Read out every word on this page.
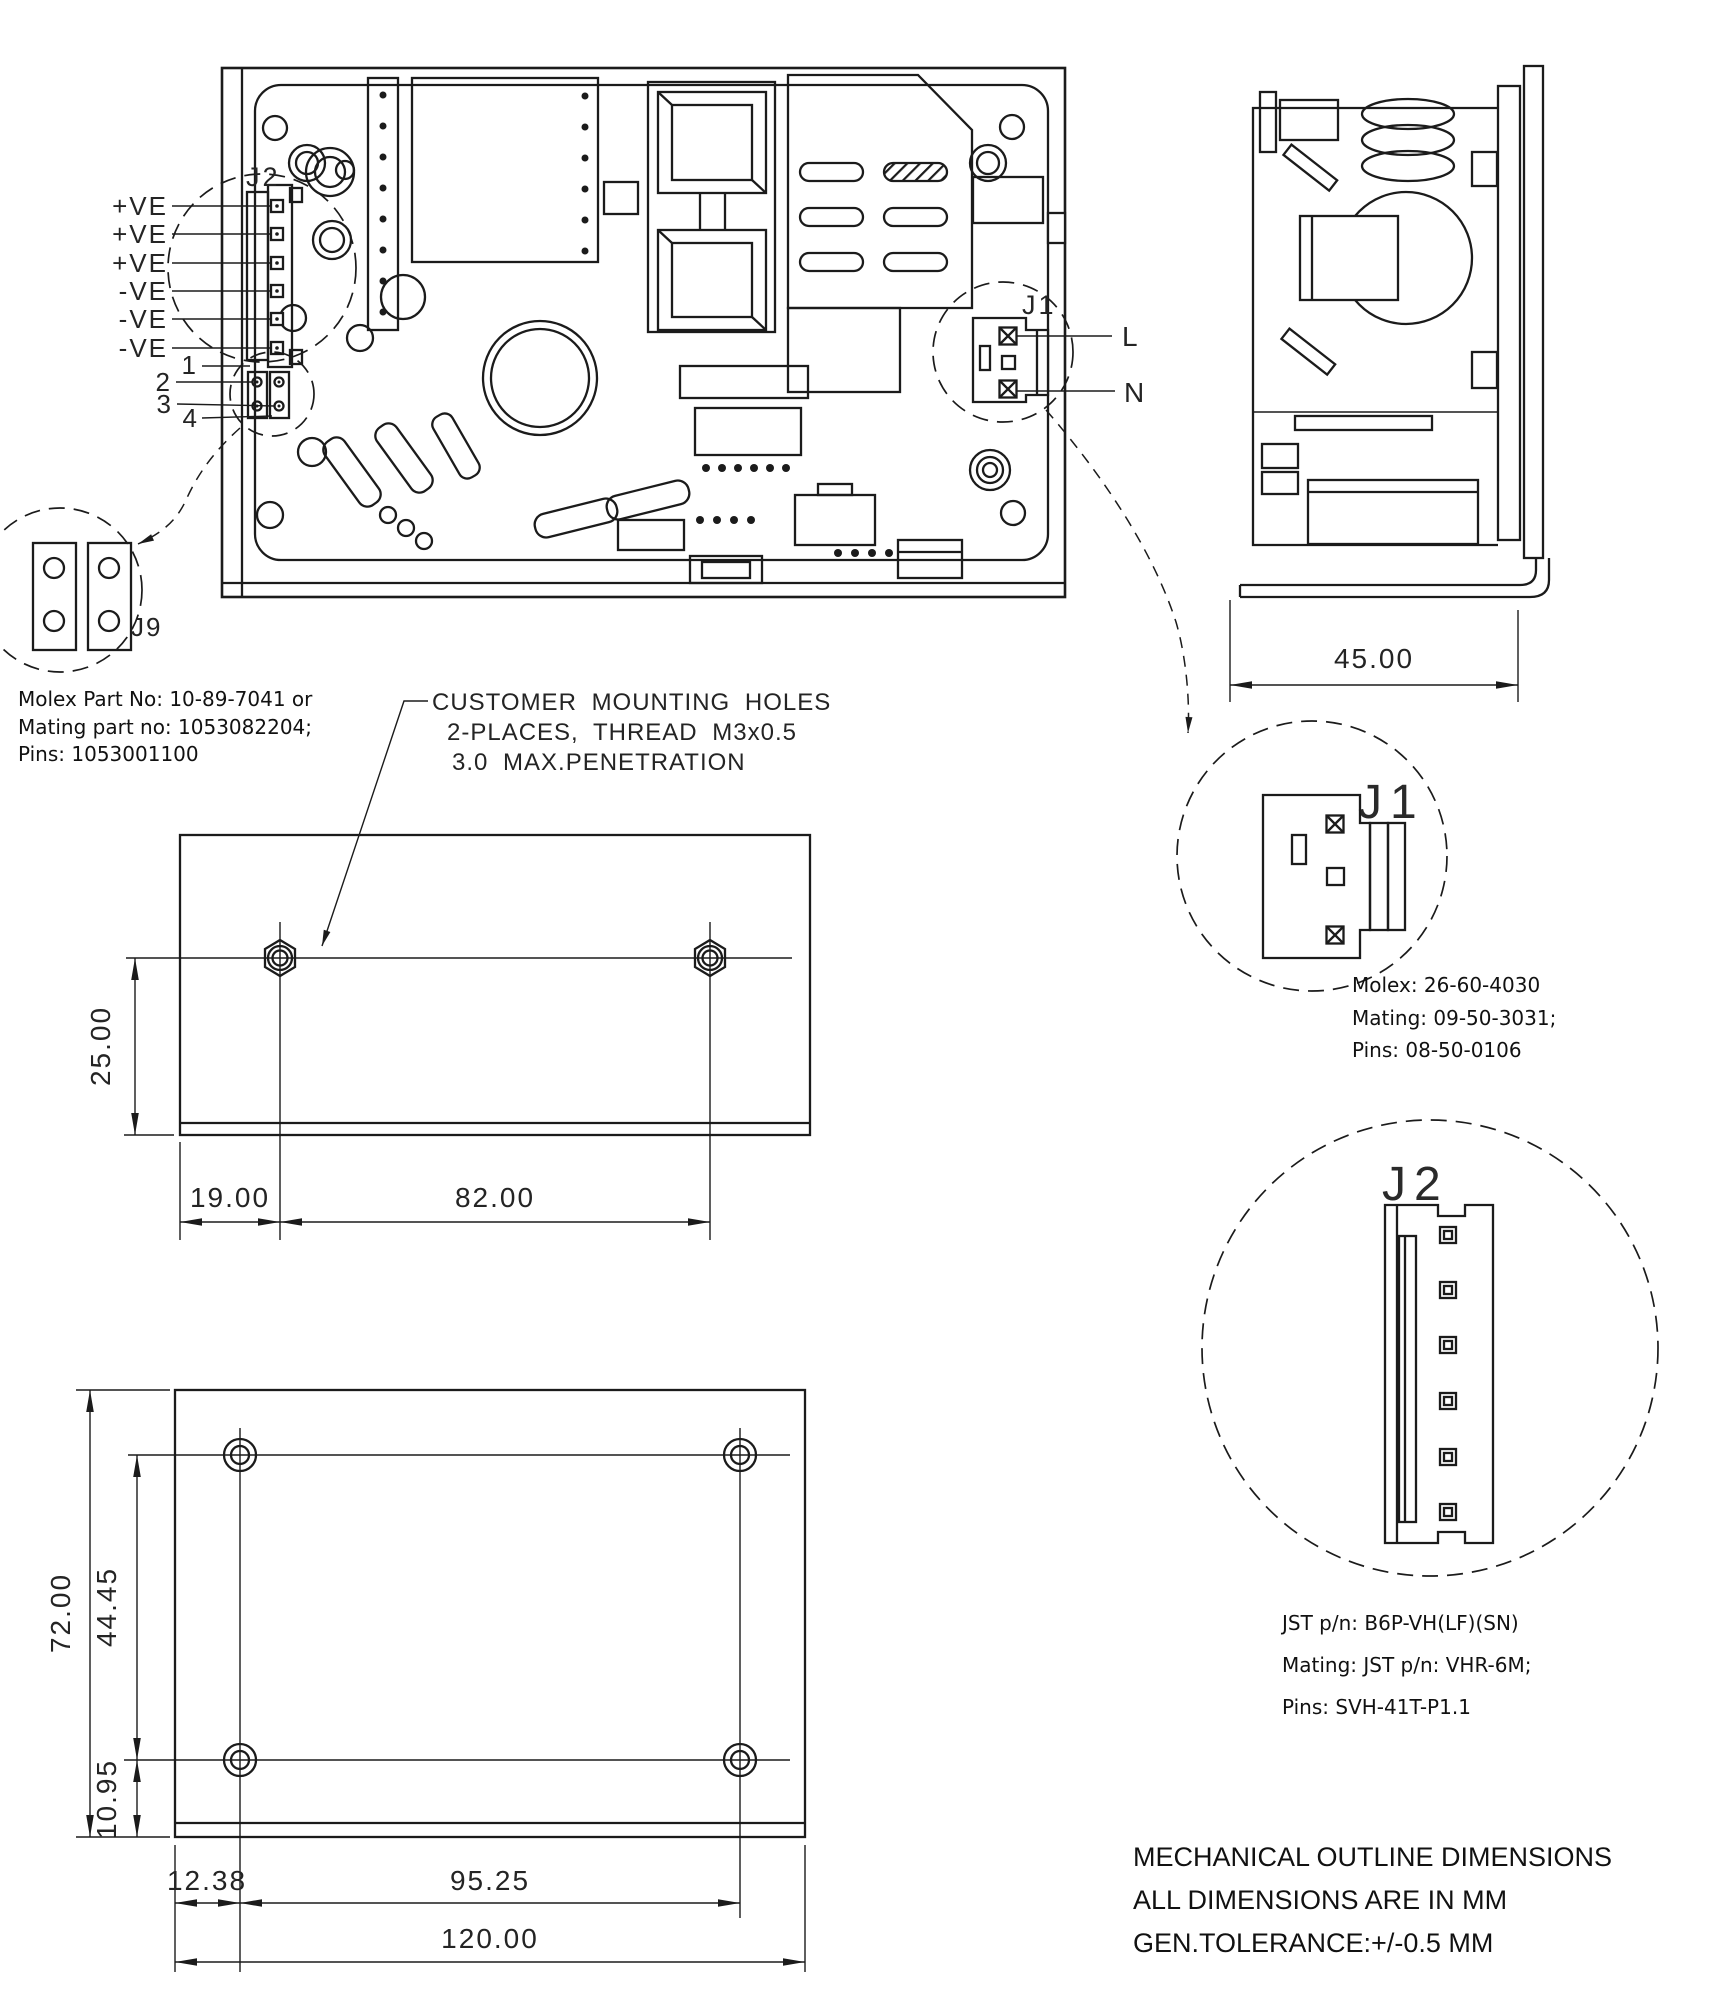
+VE
+VE
+VE
-VE
-VE
-VE
1
2
3 4
J2
J1
L
N
J9
Molex Part No: 10-89-7041 or
Mating part no: 1053082204;
Pins: 1053001100
45.00
CUSTOMER MOUNTING HOLES
2-PLACES, THREAD M3x0.5
3.0 MAX.PENETRATION
25.00
19.00	82.00
J1
Molex: 26-60-4030
Mating: 09-50-3031;
Pins: 08-50-0106
J2
JST p/n: B6P-VH(LF)(SN)
Mating: JST p/n: VHR-6M;
Pins: SVH-41T-P1.1
72.00 44.45
10.95
12.38	95.25
120.00
MECHANICAL OUTLINE DIMENSIONS
ALL DIMENSIONS ARE IN MM
GEN.TOLERANCE:+/-0.5 MM
